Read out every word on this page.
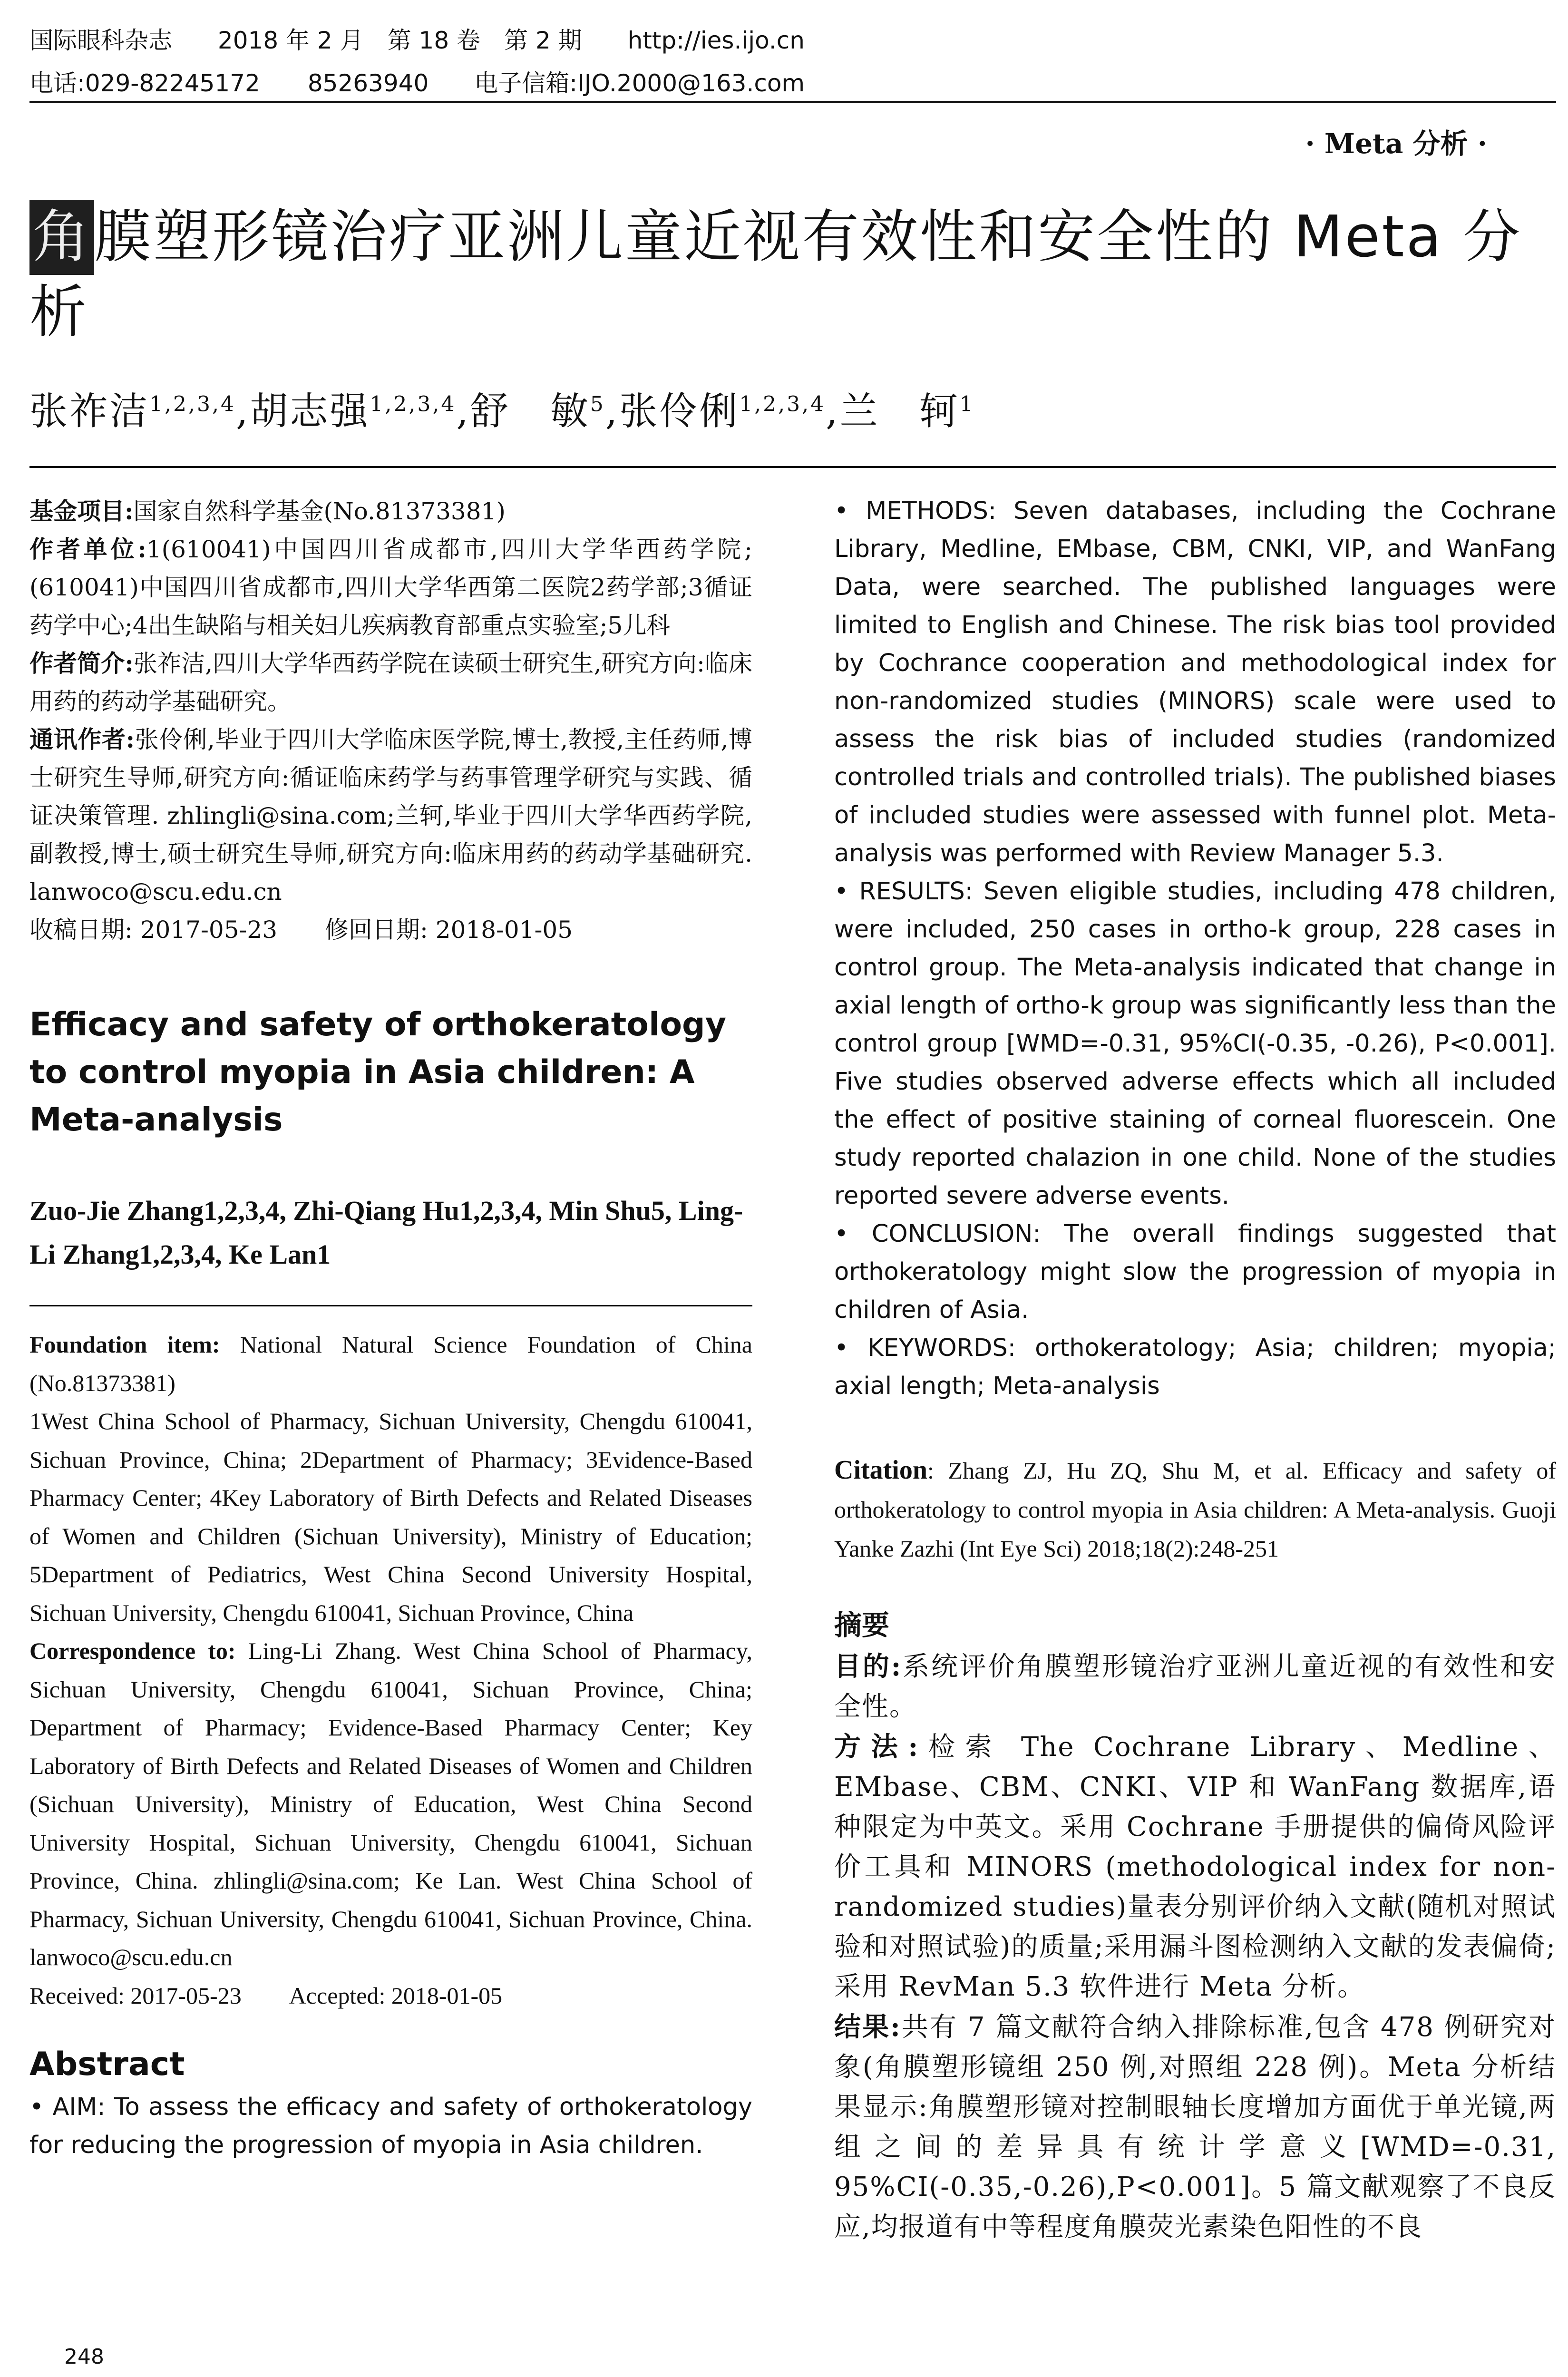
国际眼科杂志 2018 年 2 月　第 18 卷　第 2 期 http://ies.ijo.cn
电话:029-82245172　　85263940 电子信箱:IJO.2000@163.com
· Meta 分析 ·
角膜塑形镜治疗亚洲儿童近视有效性和安全性的 Meta 分析
张祚洁$^{1,2,3,4}$,胡志强$^{1,2,3,4}$,舒　敏$^5$,张伶俐$^{1,2,3,4}$,兰　轲$^1$

基金项目:国家自然科学基金(No.81373381)

作者单位:1(610041)中国四川省成都市,四川大学华西药学院;(610041)中国四川省成都市,四川大学华西第二医院2药学部;3循证药学中心;4出生缺陷与相关妇儿疾病教育部重点实验室;5儿科

作者简介:张祚洁,四川大学华西药学院在读硕士研究生,研究方向:临床用药的药动学基础研究。

通讯作者:张伶俐,毕业于四川大学临床医学院,博士,教授,主任药师,博士研究生导师,研究方向:循证临床药学与药事管理学研究与实践、循证决策管理. zhlingli@sina.com;兰轲,毕业于四川大学华西药学院,副教授,博士,硕士研究生导师,研究方向:临床用药的药动学基础研究. lanwoco@scu.edu.cn

收稿日期: 2017-05-23　　修回日期: 2018-01-05

Efficacy and safety of orthokeratology to control myopia in Asia children: A Meta-analysis
Zuo-Jie Zhang1,2,3,4, Zhi-Qiang Hu1,2,3,4, Min Shu5, Ling-Li Zhang1,2,3,4, Ke Lan1

Foundation item: National Natural Science Foundation of China (No.81373381)

1West China School of Pharmacy, Sichuan University, Chengdu 610041, Sichuan Province, China; 2Department of Pharmacy; 3Evidence-Based Pharmacy Center; 4Key Laboratory of Birth Defects and Related Diseases of Women and Children (Sichuan University), Ministry of Education; 5Department of Pediatrics, West China Second University Hospital, Sichuan University, Chengdu 610041, Sichuan Province, China

Correspondence to: Ling-Li Zhang. West China School of Pharmacy, Sichuan University, Chengdu 610041, Sichuan Province, China; Department of Pharmacy; Evidence-Based Pharmacy Center; Key Laboratory of Birth Defects and Related Diseases of Women and Children (Sichuan University), Ministry of Education, West China Second University Hospital, Sichuan University, Chengdu 610041, Sichuan Province, China. zhlingli@sina.com; Ke Lan. West China School of Pharmacy, Sichuan University, Chengdu 610041, Sichuan Province, China. lanwoco@scu.edu.cn

Received: 2017-05-23　　Accepted: 2018-01-05

Abstract

• AIM: To assess the efficacy and safety of orthokeratology for reducing the progression of myopia in Asia children.

• METHODS: Seven databases, including the Cochrane Library, Medline, EMbase, CBM, CNKI, VIP, and WanFang Data, were searched. The published languages were limited to English and Chinese. The risk bias tool provided by Cochrance cooperation and methodological index for non-randomized studies (MINORS) scale were used to assess the risk bias of included studies (randomized controlled trials and controlled trials). The published biases of included studies were assessed with funnel plot. Meta-analysis was performed with Review Manager 5.3.

• RESULTS: Seven eligible studies, including 478 children, were included, 250 cases in ortho-k group, 228 cases in control group. The Meta-analysis indicated that change in axial length of ortho-k group was significantly less than the control group [WMD=-0.31, 95%CI(-0.35, -0.26), P<0.001]. Five studies observed adverse effects which all included the effect of positive staining of corneal fluorescein. One study reported chalazion in one child. None of the studies reported severe adverse events.

• CONCLUSION: The overall findings suggested that orthokeratology might slow the progression of myopia in children of Asia.

• KEYWORDS: orthokeratology; Asia; children; myopia; axial length; Meta-analysis

Citation: Zhang ZJ, Hu ZQ, Shu M, et al. Efficacy and safety of orthokeratology to control myopia in Asia children: A Meta-analysis. Guoji Yanke Zazhi (Int Eye Sci) 2018;18(2):248-251
摘要

目的:系统评价角膜塑形镜治疗亚洲儿童近视的有效性和安全性。

方法:检索 The Cochrane Library、Medline、EMbase、CBM、CNKI、VIP 和 WanFang 数据库,语种限定为中英文。采用 Cochrane 手册提供的偏倚风险评价工具和 MINORS (methodological index for non-randomized studies)量表分别评价纳入文献(随机对照试验和对照试验)的质量;采用漏斗图检测纳入文献的发表偏倚;采用 RevMan 5.3 软件进行 Meta 分析。

结果:共有 7 篇文献符合纳入排除标准,包含 478 例研究对象(角膜塑形镜组 250 例,对照组 228 例)。Meta 分析结果显示:角膜塑形镜对控制眼轴长度增加方面优于单光镜,两组之间的差异具有统计学意义[WMD=-0.31, 95%CI(-0.35,-0.26),P<0.001]。5 篇文献观察了不良反应,均报道有中等程度角膜荧光素染色阳性的不良

248
